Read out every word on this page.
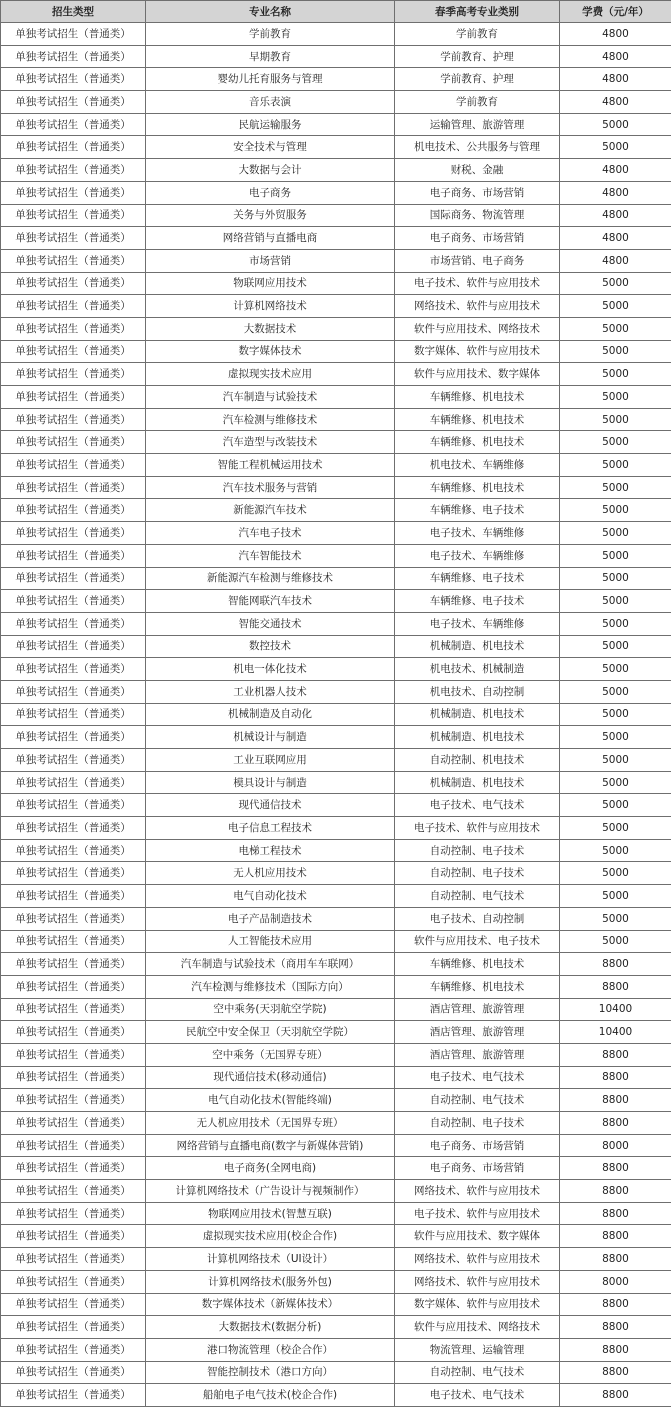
招生类型	专业名称	春季高考专业类别	学费（元/年）
单独考试招生（普通类）	学前教育	学前教育	4800
单独考试招生（普通类）	早期教育	学前教育、护理	4800
单独考试招生（普通类）	婴幼儿托育服务与管理	学前教育、护理	4800
单独考试招生（普通类）	音乐表演	学前教育	4800
单独考试招生（普通类）	民航运输服务	运输管理、旅游管理	5000
单独考试招生（普通类）	安全技术与管理	机电技术、公共服务与管理	5000
单独考试招生（普通类）	大数据与会计	财税、金融	4800
单独考试招生（普通类）	电子商务	电子商务、市场营销	4800
单独考试招生（普通类）	关务与外贸服务	国际商务、物流管理	4800
单独考试招生（普通类）	网络营销与直播电商	电子商务、市场营销	4800
单独考试招生（普通类）	市场营销	市场营销、电子商务	4800
单独考试招生（普通类）	物联网应用技术	电子技术、软件与应用技术	5000
单独考试招生（普通类）	计算机网络技术	网络技术、软件与应用技术	5000
单独考试招生（普通类）	大数据技术	软件与应用技术、网络技术	5000
单独考试招生（普通类）	数字媒体技术	数字媒体、软件与应用技术	5000
单独考试招生（普通类）	虚拟现实技术应用	软件与应用技术、数字媒体	5000
单独考试招生（普通类）	汽车制造与试验技术	车辆维修、机电技术	5000
单独考试招生（普通类）	汽车检测与维修技术	车辆维修、机电技术	5000
单独考试招生（普通类）	汽车造型与改装技术	车辆维修、机电技术	5000
单独考试招生（普通类）	智能工程机械运用技术	机电技术、车辆维修	5000
单独考试招生（普通类）	汽车技术服务与营销	车辆维修、机电技术	5000
单独考试招生（普通类）	新能源汽车技术	车辆维修、电子技术	5000
单独考试招生（普通类）	汽车电子技术	电子技术、车辆维修	5000
单独考试招生（普通类）	汽车智能技术	电子技术、车辆维修	5000
单独考试招生（普通类）	新能源汽车检测与维修技术	车辆维修、电子技术	5000
单独考试招生（普通类）	智能网联汽车技术	车辆维修、电子技术	5000
单独考试招生（普通类）	智能交通技术	电子技术、车辆维修	5000
单独考试招生（普通类）	数控技术	机械制造、机电技术	5000
单独考试招生（普通类）	机电一体化技术	机电技术、机械制造	5000
单独考试招生（普通类）	工业机器人技术	机电技术、自动控制	5000
单独考试招生（普通类）	机械制造及自动化	机械制造、机电技术	5000
单独考试招生（普通类）	机械设计与制造	机械制造、机电技术	5000
单独考试招生（普通类）	工业互联网应用	自动控制、机电技术	5000
单独考试招生（普通类）	模具设计与制造	机械制造、机电技术	5000
单独考试招生（普通类）	现代通信技术	电子技术、电气技术	5000
单独考试招生（普通类）	电子信息工程技术	电子技术、软件与应用技术	5000
单独考试招生（普通类）	电梯工程技术	自动控制、电子技术	5000
单独考试招生（普通类）	无人机应用技术	自动控制、电子技术	5000
单独考试招生（普通类）	电气自动化技术	自动控制、电气技术	5000
单独考试招生（普通类）	电子产品制造技术	电子技术、自动控制	5000
单独考试招生（普通类）	人工智能技术应用	软件与应用技术、电子技术	5000
单独考试招生（普通类）	汽车制造与试验技术（商用车车联网）	车辆维修、机电技术	8800
单独考试招生（普通类）	汽车检测与维修技术（国际方向）	车辆维修、机电技术	8800
单独考试招生（普通类）	空中乘务(天羽航空学院)	酒店管理、旅游管理	10400
单独考试招生（普通类）	民航空中安全保卫（天羽航空学院）	酒店管理、旅游管理	10400
单独考试招生（普通类）	空中乘务（无国界专班）	酒店管理、旅游管理	8800
单独考试招生（普通类）	现代通信技术(移动通信)	电子技术、电气技术	8800
单独考试招生（普通类）	电气自动化技术(智能终端)	自动控制、电气技术	8800
单独考试招生（普通类）	无人机应用技术（无国界专班）	自动控制、电子技术	8800
单独考试招生（普通类）	网络营销与直播电商(数字与新媒体营销)	电子商务、市场营销	8000
单独考试招生（普通类）	电子商务(全网电商)	电子商务、市场营销	8800
单独考试招生（普通类）	计算机网络技术（广告设计与视频制作）	网络技术、软件与应用技术	8800
单独考试招生（普通类）	物联网应用技术(智慧互联)	电子技术、软件与应用技术	8800
单独考试招生（普通类）	虚拟现实技术应用(校企合作)	软件与应用技术、数字媒体	8800
单独考试招生（普通类）	计算机网络技术（UI设计）	网络技术、软件与应用技术	8800
单独考试招生（普通类）	计算机网络技术(服务外包)	网络技术、软件与应用技术	8000
单独考试招生（普通类）	数字媒体技术（新媒体技术）	数字媒体、软件与应用技术	8800
单独考试招生（普通类）	大数据技术(数据分析)	软件与应用技术、网络技术	8800
单独考试招生（普通类）	港口物流管理（校企合作）	物流管理、运输管理	8800
单独考试招生（普通类）	智能控制技术（港口方向）	自动控制、电气技术	8800
单独考试招生（普通类）	船舶电子电气技术(校企合作)	电子技术、电气技术	8800
